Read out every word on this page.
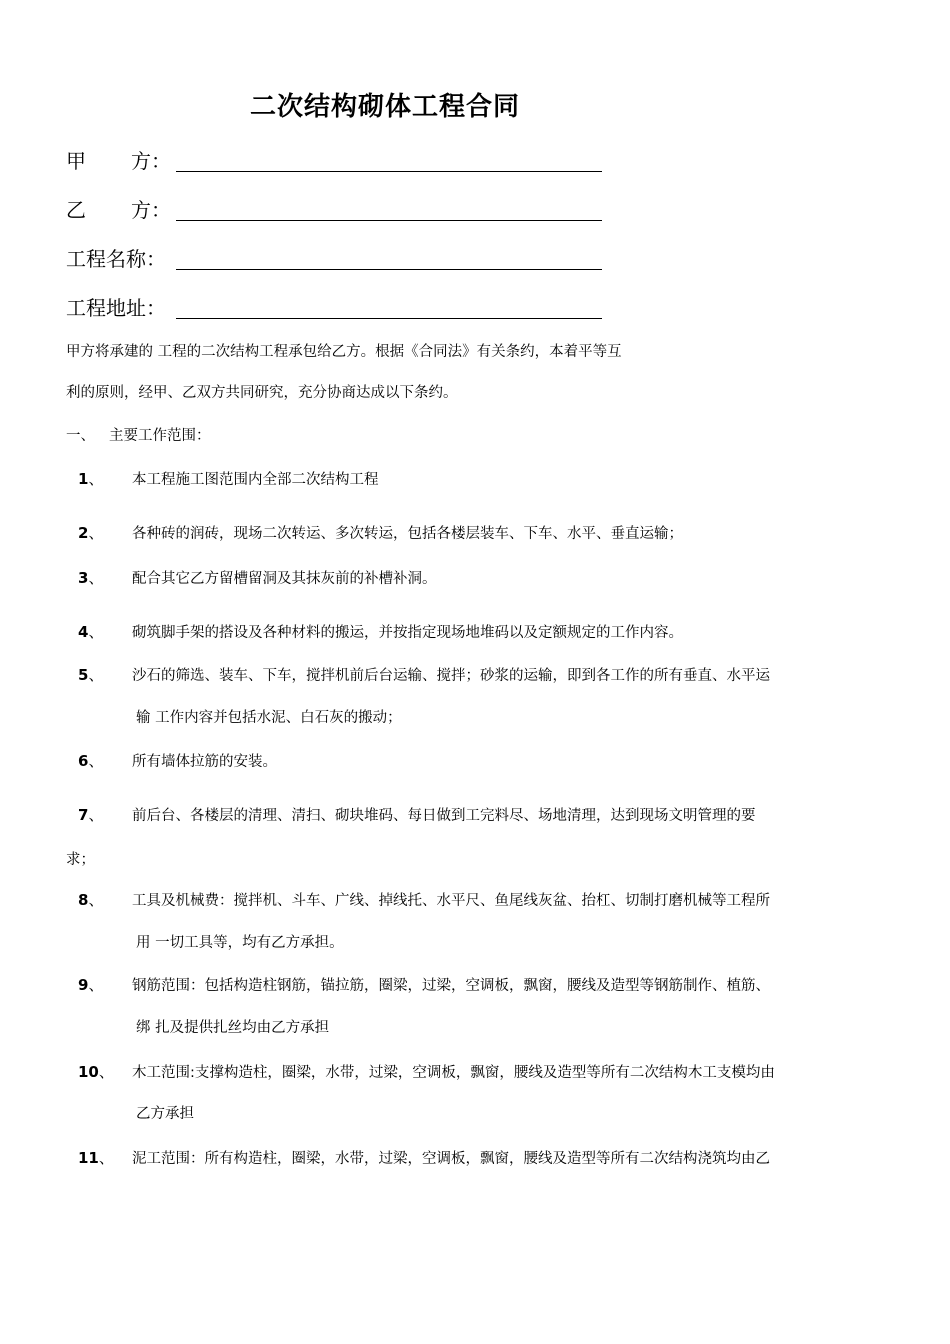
二次结构砌体工程合同
甲 方：
乙 方：
工程名称：
工程地址：
甲方将承建的 工程的二次结构工程承包给乙方。根据《合同法》有关条约，本着平等互
利的原则，经甲、乙双方共同研究，充分协商达成以下条约。
一、 主要工作范围：
1、 本工程施工图范围内全部二次结构工程
2、 各种砖的润砖，现场二次转运、多次转运，包括各楼层装车、下车、水平、垂直运输；
3、 配合其它乙方留槽留洞及其抹灰前的补槽补洞。
4、 砌筑脚手架的搭设及各种材料的搬运，并按指定现场地堆码以及定额规定的工作内容。
5、 沙石的筛选、装车、下车，搅拌机前后台运输、搅拌；砂浆的运输，即到各工作的所有垂直、水平运
输 工作内容并包括水泥、白石灰的搬动；
6、 所有墙体拉筋的安装。
7、 前后台、各楼层的清理、清扫、砌块堆码、每日做到工完料尽、场地清理，达到现场文明管理的要
求；
8、 工具及机械费：搅拌机、斗车、广线、掉线托、水平尺、鱼尾线灰盆、抬杠、切制打磨机械等工程所
用 一切工具等，均有乙方承担。
9、 钢筋范围：包括构造柱钢筋，锚拉筋，圈梁，过梁，空调板，飘窗，腰线及造型等钢筋制作、植筋、
绑 扎及提供扎丝均由乙方承担
10、 木工范围:支撑构造柱，圈梁，水带，过梁，空调板，飘窗，腰线及造型等所有二次结构木工支模均由
乙方承担
11、 泥工范围：所有构造柱，圈梁，水带，过梁，空调板，飘窗，腰线及造型等所有二次结构浇筑均由乙
